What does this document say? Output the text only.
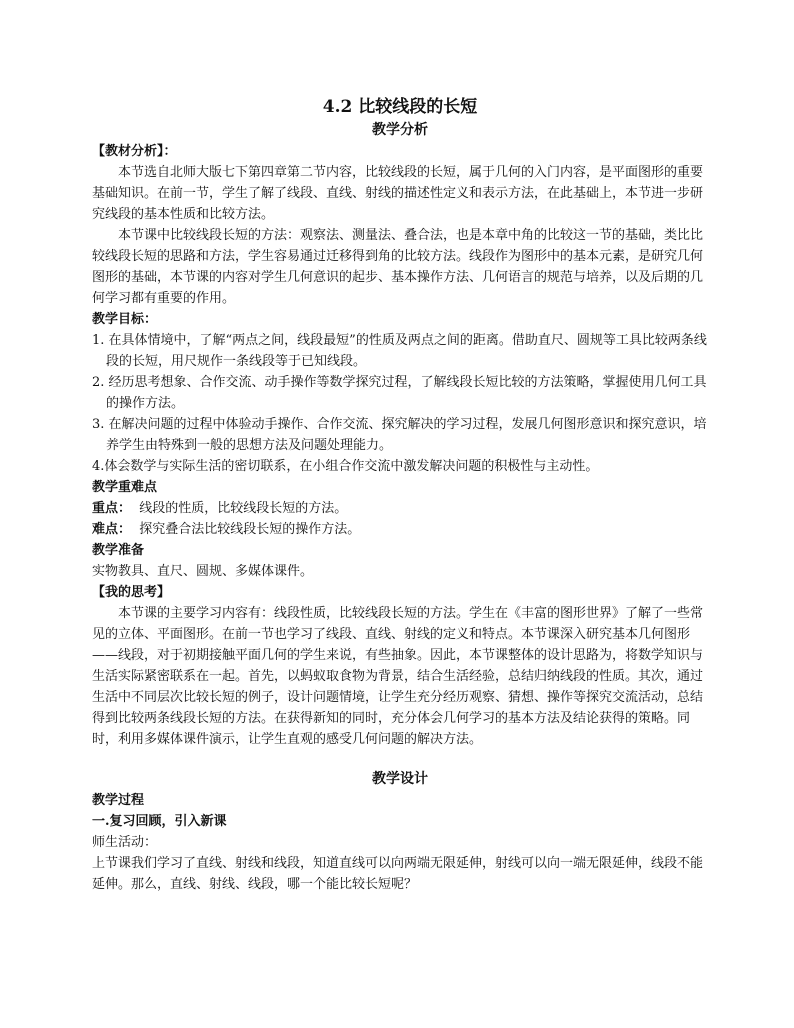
4.2 比较线段的长短
教学分析

【教材分析】：

本节选自北师大版七下第四章第二节内容，比较线段的长短，属于几何的入门内容，是平面图形的重要基础知识。在前一节，学生了解了线段、直线、射线的描述性定义和表示方法，在此基础上，本节进一步研究线段的基本性质和比较方法。

本节课中比较线段长短的方法：观察法、测量法、叠合法，也是本章中角的比较这一节的基础，类比比较线段长短的思路和方法，学生容易通过迁移得到角的比较方法。线段作为图形中的基本元素，是研究几何图形的基础，本节课的内容对学生几何意识的起步、基本操作方法、几何语言的规范与培养，以及后期的几何学习都有重要的作用。

教学目标：

1. 在具体情境中，了解“两点之间，线段最短”的性质及两点之间的距离。借助直尺、圆规等工具比较两条线段的长短，用尺规作一条线段等于已知线段。

2. 经历思考想象、合作交流、动手操作等数学探究过程，了解线段长短比较的方法策略，掌握使用几何工具的操作方法。

3. 在解决问题的过程中体验动手操作、合作交流、探究解决的学习过程，发展几何图形意识和探究意识，培养学生由特殊到一般的思想方法及问题处理能力。

4.体会数学与实际生活的密切联系，在小组合作交流中激发解决问题的积极性与主动性。

教学重难点

重点： 线段的性质，比较线段长短的方法。

难点： 探究叠合法比较线段长短的操作方法。

教学准备

实物教具、直尺、圆规、多媒体课件。

【我的思考】

本节课的主要学习内容有：线段性质，比较线段长短的方法。学生在《丰富的图形世界》了解了一些常见的立体、平面图形。在前一节也学习了线段、直线、射线的定义和特点。本节课深入研究基本几何图形——线段，对于初期接触平面几何的学生来说，有些抽象。因此，本节课整体的设计思路为，将数学知识与生活实际紧密联系在一起。首先，以蚂蚁取食物为背景，结合生活经验，总结归纳线段的性质。其次，通过生活中不同层次比较长短的例子，设计问题情境，让学生充分经历观察、猜想、操作等探究交流活动，总结得到比较两条线段长短的方法。在获得新知的同时，充分体会几何学习的基本方法及结论获得的策略。同时，利用多媒体课件演示，让学生直观的感受几何问题的解决方法。

教学设计

教学过程

一.复习回顾，引入新课

师生活动：

上节课我们学习了直线、射线和线段，知道直线可以向两端无限延伸，射线可以向一端无限延伸，线段不能延伸。那么，直线、射线、线段，哪一个能比较长短呢？
